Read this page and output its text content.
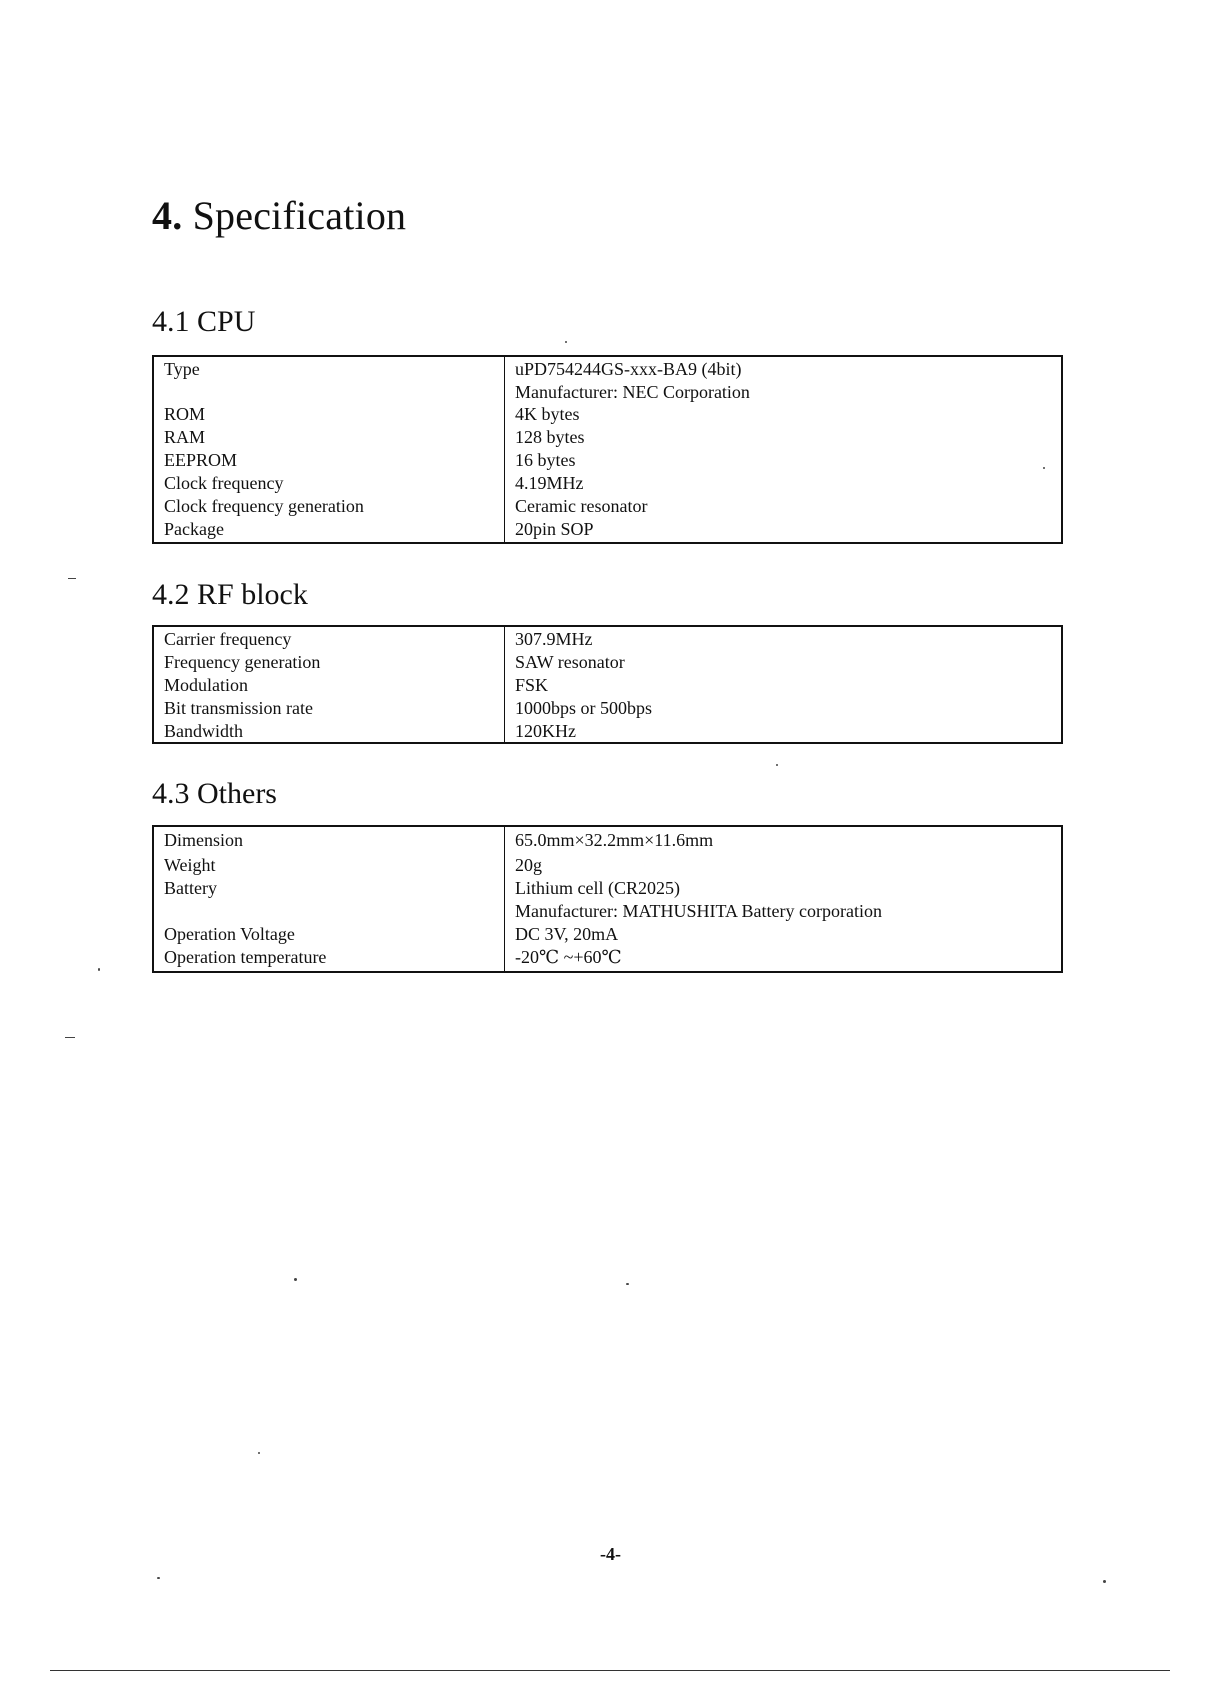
4. Specification
4.1 CPU
Type	uPD754244GS-xxx-BA9 (4bit)
Manufacturer: NEC Corporation
ROM	4K bytes
RAM	128 bytes
EEPROM	16 bytes
Clock frequency	4.19MHz
Clock frequency generation	Ceramic resonator
Package	20pin SOP
4.2 RF block
Carrier frequency	307.9MHz
Frequency generation	SAW resonator
Modulation	FSK
Bit transmission rate	1000bps or 500bps
Bandwidth	120KHz
4.3 Others
Dimension	65.0mm×32.2mm×11.6mm
Weight	20g
Battery	Lithium cell (CR2025)
Manufacturer: MATHUSHITA Battery corporation
Operation Voltage	DC 3V, 20mA
Operation temperature	-20℃ ~+60℃
-4-
